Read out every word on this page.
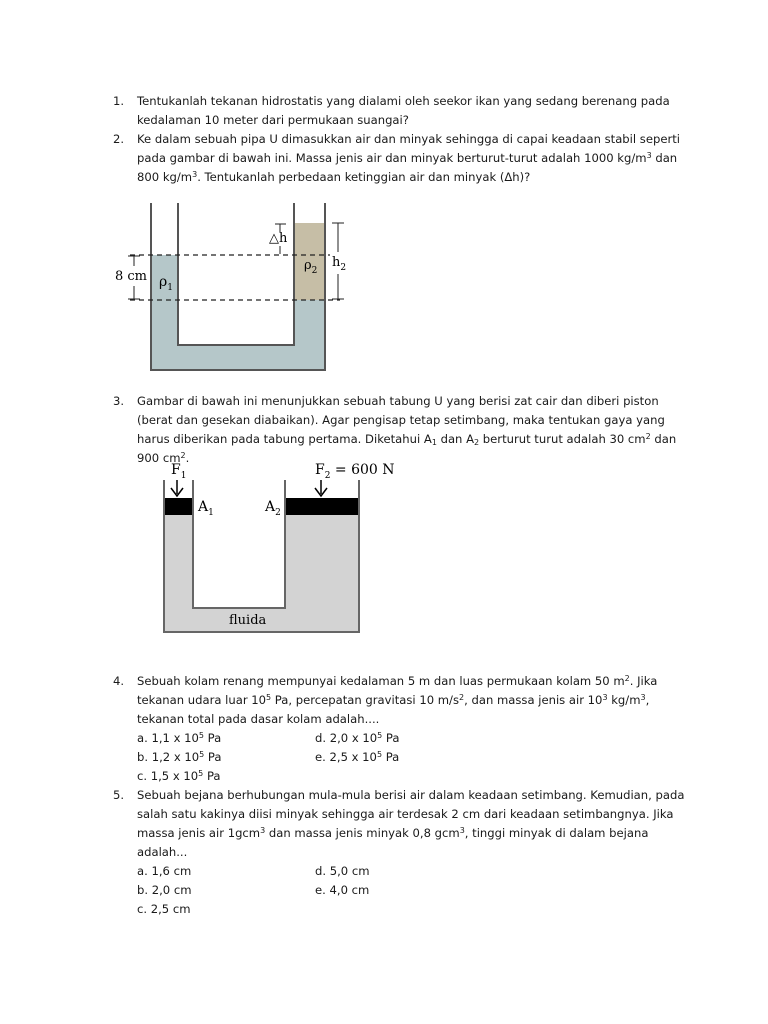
1.	Tentukanlah tekanan hidrostatis yang dialami oleh seekor ikan yang sedang berenang pada kedalaman 10 meter dari permukaan suangai?
2.	Ke dalam sebuah pipa U dimasukkan air dan minyak sehingga di capai keadaan stabil seperti pada gambar di bawah ini. Massa jenis air dan minyak berturut-turut adalah 1000 $kg/m^3$ dan 800 $kg/m^3$. Tentukanlah perbedaan ketinggian air dan minyak (Δh)?
8 cm $\rho_1$
△h
$\rho_2$
$h_2$
3.	Gambar di bawah ini menunjukkan sebuah tabung U yang berisi zat cair dan diberi piston (berat dan gesekan diabaikan). Agar pengisap tetap setimbang, maka tentukan gaya yang harus diberikan pada tabung pertama. Diketahui $A_1$ dan $A_2$ berturut turut adalah 30 $cm^2$ dan 900 $cm^2$.
$F_1$	$F_2 = 600$ N
$A_1$	$A_2$
fluida
4.	Sebuah kolam renang mempunyai kedalaman 5 m dan luas permukaan kolam 50 $m^2$. Jika tekanan udara luar $10^5$ Pa, percepatan gravitasi 10 $m/s^2$, dan massa jenis air $10^3$ $kg/m^3$, tekanan total pada dasar kolam adalah....
a. 1,1 x $10^5$ Pa	d. 2,0 x $10^5$ Pa
b. 1,2 x $10^5$ Pa	e. 2,5 x $10^5$ Pa
c. 1,5 x $10^5$ Pa
5.	Sebuah bejana berhubungan mula-mula berisi air dalam keadaan setimbang. Kemudian, pada salah satu kakinya diisi minyak sehingga air terdesak 2 cm dari keadaan setimbangnya. Jika massa jenis air 1gcm$^3$ dan massa jenis minyak 0,8 gcm$^3$, tinggi minyak di dalam bejana adalah...
a. 1,6 cm	d. 5,0 cm
b. 2,0 cm	e. 4,0 cm
c. 2,5 cm
